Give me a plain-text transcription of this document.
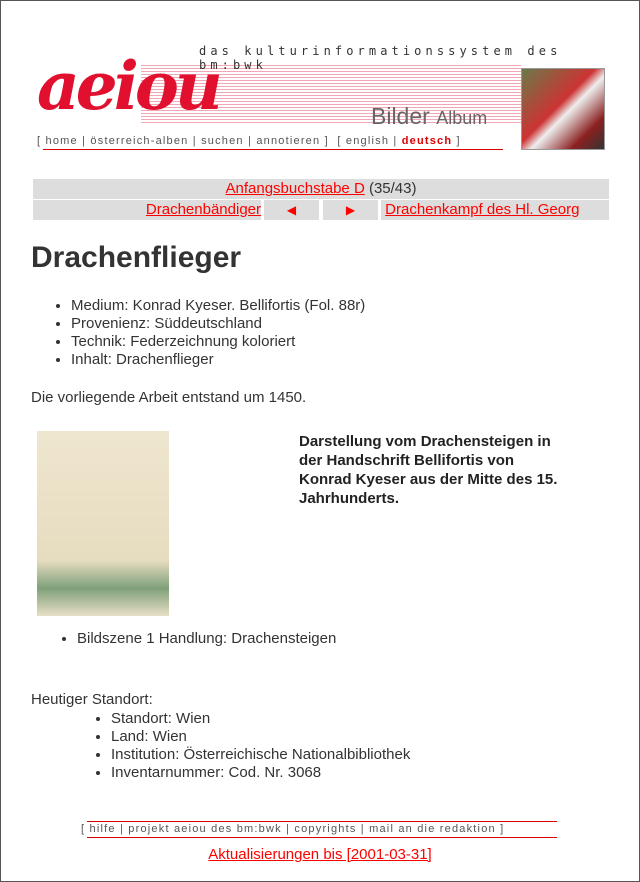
aeiou
das kulturinformationssystem des bm:bwk
Bilder Album
[ home | österreich-alben | suchen | annotieren ]  [ english | deutsch ]
Anfangsbuchstabe D (35/43)
Drachenbändiger	◀	▶	Drachenkampf des Hl. Georg
Drachenflieger
• Medium: Konrad Kyeser. Bellifortis (Fol. 88r)
• Provenienz: Süddeutschland
• Technik: Federzeichnung koloriert
• Inhalt: Drachenflieger
Die vorliegende Arbeit entstand um 1450.
Darstellung vom Drachensteigen in der Handschrift Bellifortis von Konrad Kyeser aus der Mitte des 15. Jahrhunderts.
• Bildszene 1 Handlung: Drachensteigen
Heutiger Standort:
• Standort: Wien
• Land: Wien
• Institution: Österreichische Nationalbibliothek
• Inventarnummer: Cod. Nr. 3068
[ hilfe | projekt aeiou des bm:bwk | copyrights | mail an die redaktion ]
Aktualisierungen bis [2001-03-31]
